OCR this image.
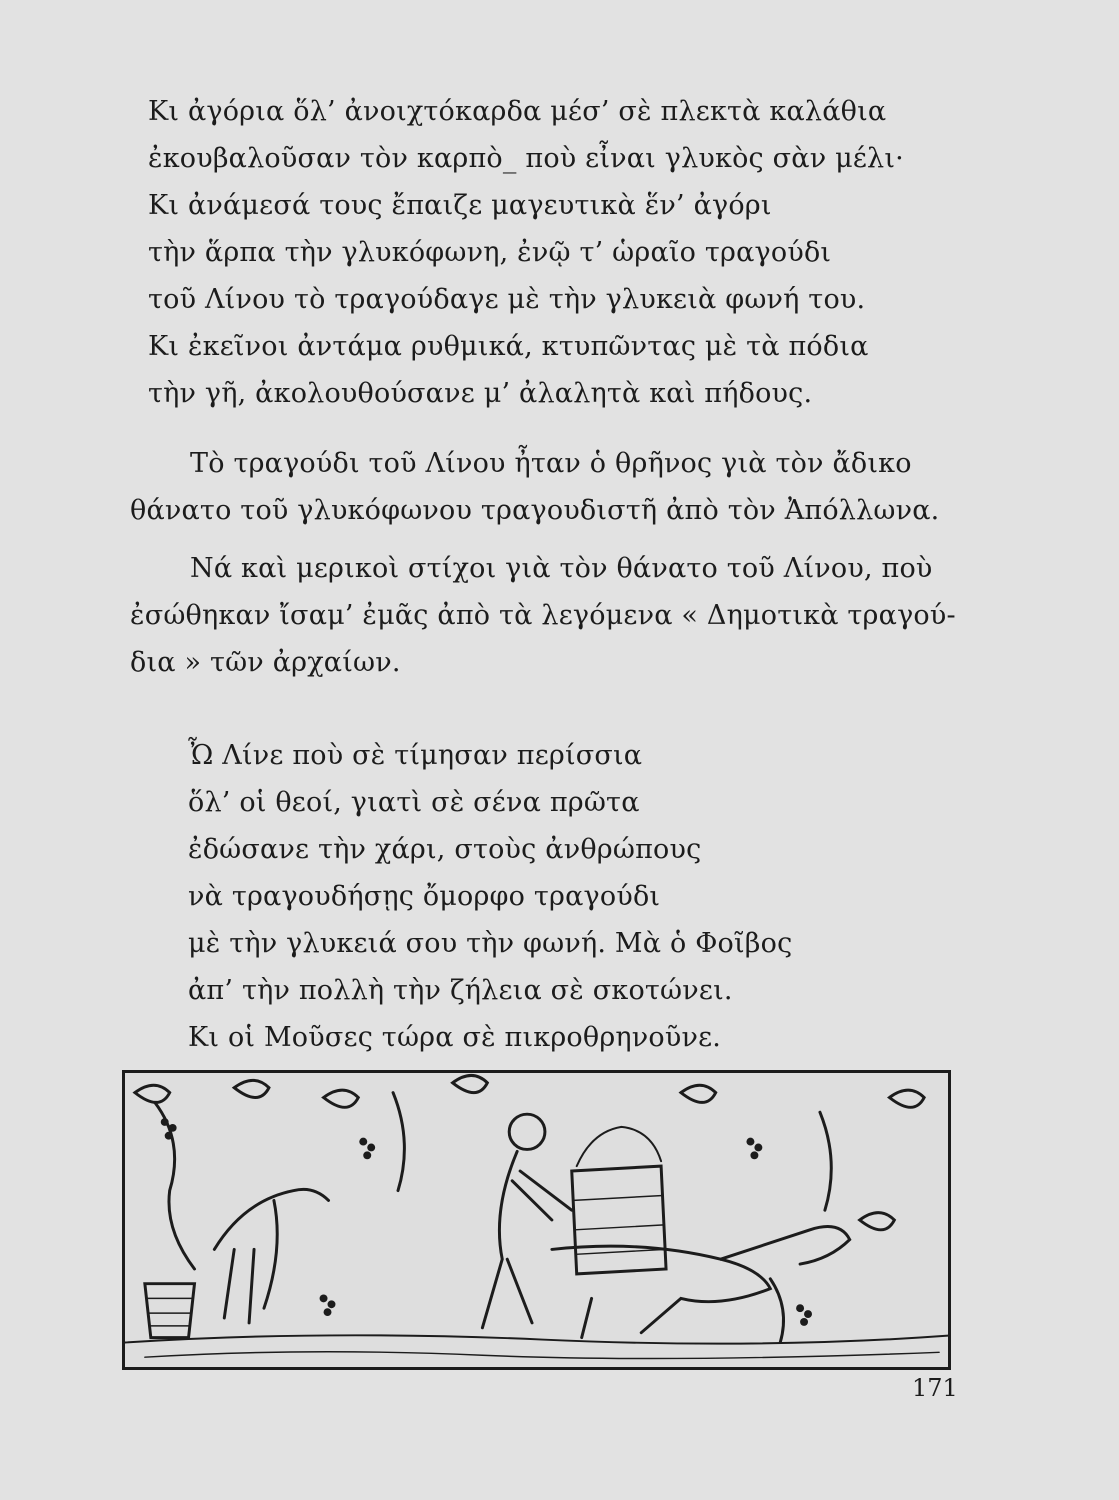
Κι ἀγόρια ὅλ’ ἀνοιχτόκαρδα μέσ’ σὲ πλεκτὰ καλάθια
ἐκουβαλοῦσαν τὸν καρπὸ_ ποὺ εἶναι γλυκὸς σὰν μέλι·
Κι ἀνάμεσά τους ἔπαιζε μαγευτικὰ ἕν’ ἀγόρι
τὴν ἅρπα τὴν γλυκόφωνη, ἐνῷ τ’ ὡραῖο τραγούδι
τοῦ Λίνου τὸ τραγούδαγε μὲ τὴν γλυκειὰ φωνή του.
Κι ἐκεῖνοι ἀντάμα ρυθμικά, κτυπῶντας μὲ τὰ πόδια
τὴν γῆ, ἀκολουθούσανε μ’ ἀλαλητὰ καὶ πήδους.
Τὸ τραγούδι τοῦ Λίνου ἦταν ὁ θρῆνος γιὰ τὸν ἄδικο
θάνατο τοῦ γλυκόφωνου τραγουδιστῆ ἀπὸ τὸν Ἀπόλλωνα.
Νά καὶ μερικοὶ στίχοι γιὰ τὸν θάνατο τοῦ Λίνου, ποὺ
ἐσώθηκαν ἴσαμ’ ἐμᾶς ἀπὸ τὰ λεγόμενα « Δημοτικὰ τραγού-
δια » τῶν ἀρχαίων.
Ὦ Λίνε ποὺ σὲ τίμησαν περίσσια
ὅλ’ οἱ θεοί, γιατὶ σὲ σένα πρῶτα
ἐδώσανε τὴν χάρι, στοὺς ἀνθρώπους
νὰ τραγουδήσῃς ὄμορφο τραγούδι
μὲ τὴν γλυκειά σου τὴν φωνή. Μὰ ὁ Φοῖβος
ἀπ’ τὴν πολλὴ τὴν ζήλεια σὲ σκοτώνει.
Κι οἱ Μοῦσες τώρα σὲ πικροθρηνοῦνε.
171
